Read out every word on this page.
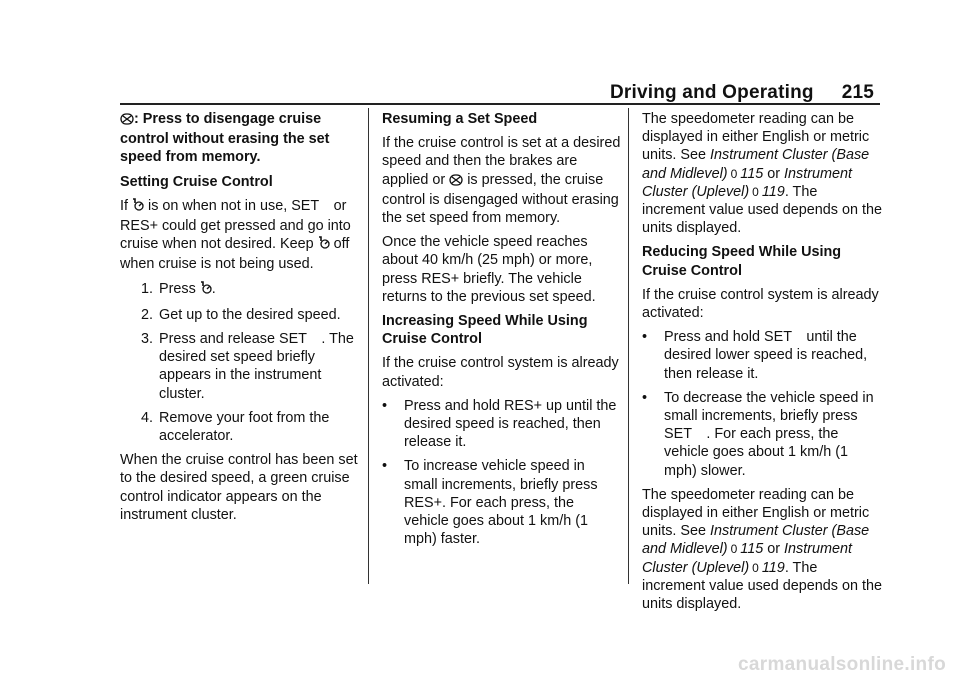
Driving and Operating 215

: Press to disengage cruise control without erasing the set speed from memory.

Setting Cruise Control

If is on when not in use, SET or RES+ could get pressed and go into cruise when not desired. Keep off when cruise is not being used.

1. Press .
2. Get up to the desired speed.
3. Press and release SET . The desired set speed briefly appears in the instrument cluster.
4. Remove your foot from the accelerator.

When the cruise control has been set to the desired speed, a green cruise control indicator appears on the instrument cluster.

Resuming a Set Speed

If the cruise control is set at a desired speed and then the brakes are applied or is pressed, the cruise control is disengaged without erasing the set speed from memory.

Once the vehicle speed reaches about 40 km/h (25 mph) or more, press RES+ briefly. The vehicle returns to the previous set speed.

Increasing Speed While Using Cruise Control

If the cruise control system is already activated:

•	Press and hold RES+ up until the desired speed is reached, then release it.
•	To increase vehicle speed in small increments, briefly press RES+. For each press, the vehicle goes about 1 km/h (1 mph) faster.

The speedometer reading can be displayed in either English or metric units. See Instrument Cluster (Base and Midlevel) 0 115 or Instrument Cluster (Uplevel) 0 119. The increment value used depends on the units displayed.

Reducing Speed While Using Cruise Control

If the cruise control system is already activated:

•	Press and hold SET until the desired lower speed is reached, then release it.
•	To decrease the vehicle speed in small increments, briefly press SET . For each press, the vehicle goes about 1 km/h (1 mph) slower.

The speedometer reading can be displayed in either English or metric units. See Instrument Cluster (Base and Midlevel) 0 115 or Instrument Cluster (Uplevel) 0 119. The increment value used depends on the units displayed.

carmanualsonline.info
